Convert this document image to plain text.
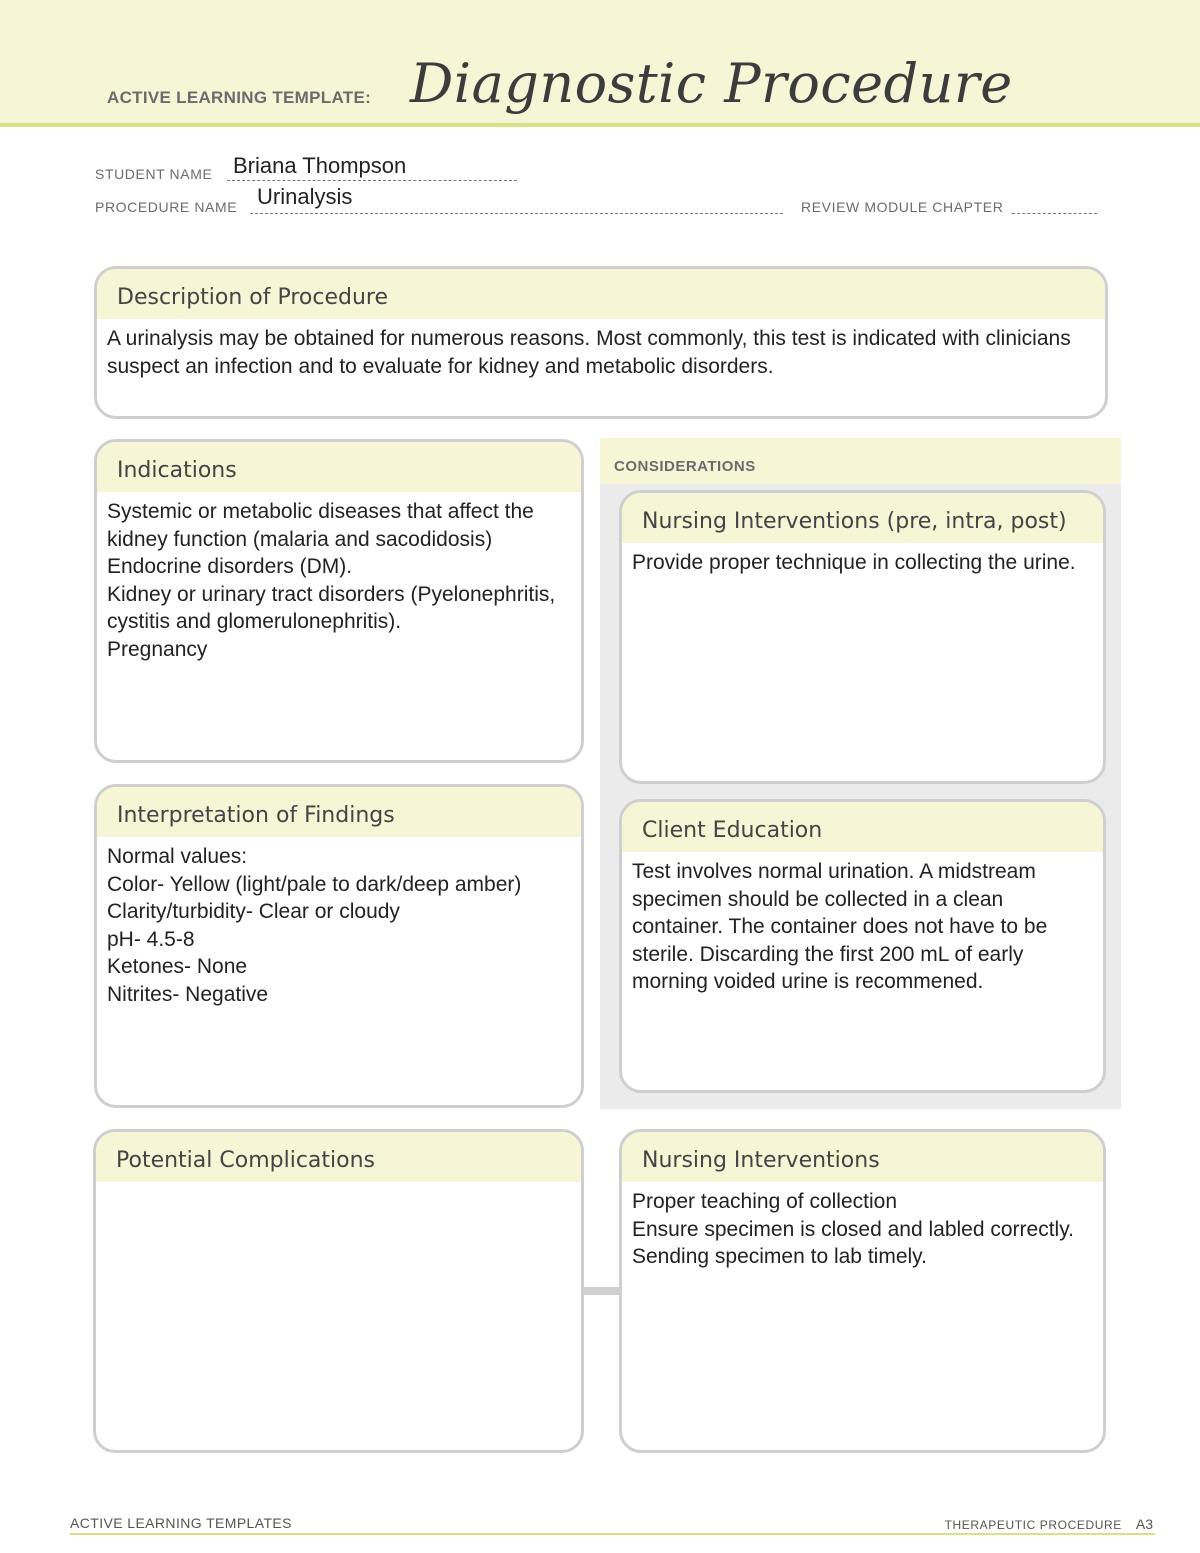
ACTIVE LEARNING TEMPLATE: Diagnostic Procedure
STUDENT NAME Briana Thompson
PROCEDURE NAME Urinalysis	REVIEW MODULE CHAPTER
Description of Procedure
A urinalysis may be obtained for numerous reasons. Most commonly, this test is indicated with clinicians suspect an infection and to evaluate for kidney and metabolic disorders.
CONSIDERATIONS
Indications
Systemic or metabolic diseases that affect the kidney function (malaria and sacodidosis)
Endocrine disorders (DM).
Kidney or urinary tract disorders (Pyelonephritis, cystitis and glomerulonephritis).
Pregnancy
Nursing Interventions (pre, intra, post)
Provide proper technique in collecting the urine.
Interpretation of Findings
Normal values:
Color- Yellow (light/pale to dark/deep amber)
Clarity/turbidity- Clear or cloudy
pH- 4.5-8
Ketones- None
Nitrites- Negative
Client Education
Test involves normal urination. A midstream specimen should be collected in a clean container. The container does not have to be sterile. Discarding the first 200 mL of early morning voided urine is recommened.
Potential Complications	Nursing Interventions
Proper teaching of collection
Ensure specimen is closed and labled correctly.
Sending specimen to lab timely.
ACTIVE LEARNING TEMPLATES	THERAPEUTIC PROCEDURE A3
